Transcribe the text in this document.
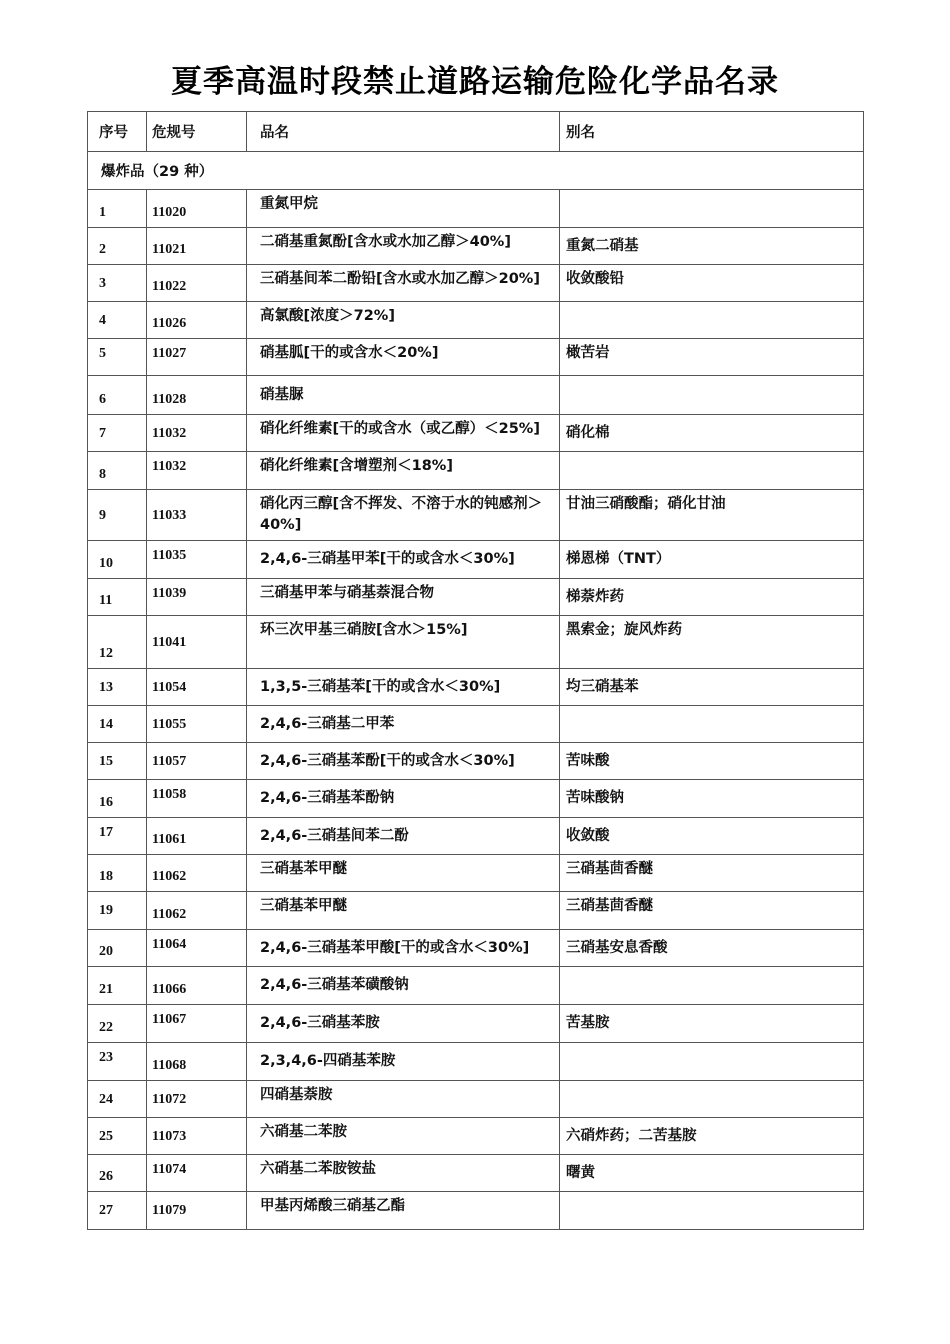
夏季高温时段禁止道路运输危险化学品名录
序号	危规号	品名	别名
爆炸品（29 种）			
1	11020	重氮甲烷	
2	11021	二硝基重氮酚[含水或水加乙醇＞40%]	重氮二硝基
3	11022	三硝基间苯二酚铅[含水或水加乙醇＞20%]	收敛酸铅
4	11026	高氯酸[浓度＞72%]	
5	11027	硝基胍[干的或含水＜20%]	橄苦岩
6	11028	硝基脲	
7	11032	硝化纤维素[干的或含水（或乙醇）＜25%]	硝化棉
8	11032	硝化纤维素[含增塑剂＜18%]	
9	11033	硝化丙三醇[含不挥发、不溶于水的钝感剂＞40%]	甘油三硝酸酯；硝化甘油
10	11035	2,4,6-三硝基甲苯[干的或含水＜30%]	梯恩梯（TNT）
11	11039	三硝基甲苯与硝基萘混合物	梯萘炸药
12	11041	环三次甲基三硝胺[含水＞15%]	黑索金；旋风炸药
13	11054	1,3,5-三硝基苯[干的或含水＜30%]	均三硝基苯
14	11055	2,4,6-三硝基二甲苯	
15	11057	2,4,6-三硝基苯酚[干的或含水＜30%]	苦味酸
16	11058	2,4,6-三硝基苯酚钠	苦味酸钠
17	11061	2,4,6-三硝基间苯二酚	收敛酸
18	11062	三硝基苯甲醚	三硝基茴香醚
19	11062	三硝基苯甲醚	三硝基茴香醚
20	11064	2,4,6-三硝基苯甲酸[干的或含水＜30%]	三硝基安息香酸
21	11066	2,4,6-三硝基苯磺酸钠	
22	11067	2,4,6-三硝基苯胺	苦基胺
23	11068	2,3,4,6-四硝基苯胺	
24	11072	四硝基萘胺	
25	11073	六硝基二苯胺	六硝炸药；二苦基胺
26	11074	六硝基二苯胺铵盐	曙黄
27	11079	甲基丙烯酸三硝基乙酯	
